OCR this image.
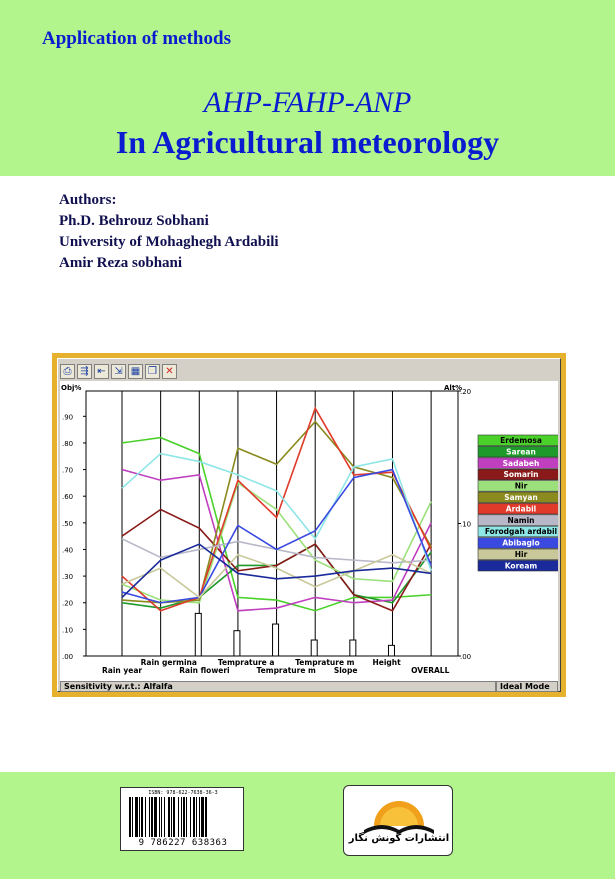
Application of methods
AHP-FAHP-ANP
In Agricultural meteorology
Authors:
Ph.D. Behrouz Sobhani
University of Mohaghegh Ardabili
Amir Reza sobhani
⎙ ⇶ ⇤ ⇲ ▦ ❐ ✕
Obj%	Alt%
.00
.10
.20
.30
.40
.50
.60
.70
.80
.90
.00
.10
.20
Rain year
Rain germina
Rain floweri
Temprature a
Temprature m
Temprature m
Slope
Height
OVERALL
Erdemosa
Sarean
Sadabeh
Somarin
Nir
Samyan
Ardabil
Namin
Forodgah ardabil
Abibaglo
Hir
Koream
Sensitivity w.r.t.: Alfalfa	Ideal Mode
ISBN: 978-622-7638-36-3
9 786227 638363	انتشارات گونش نگار
